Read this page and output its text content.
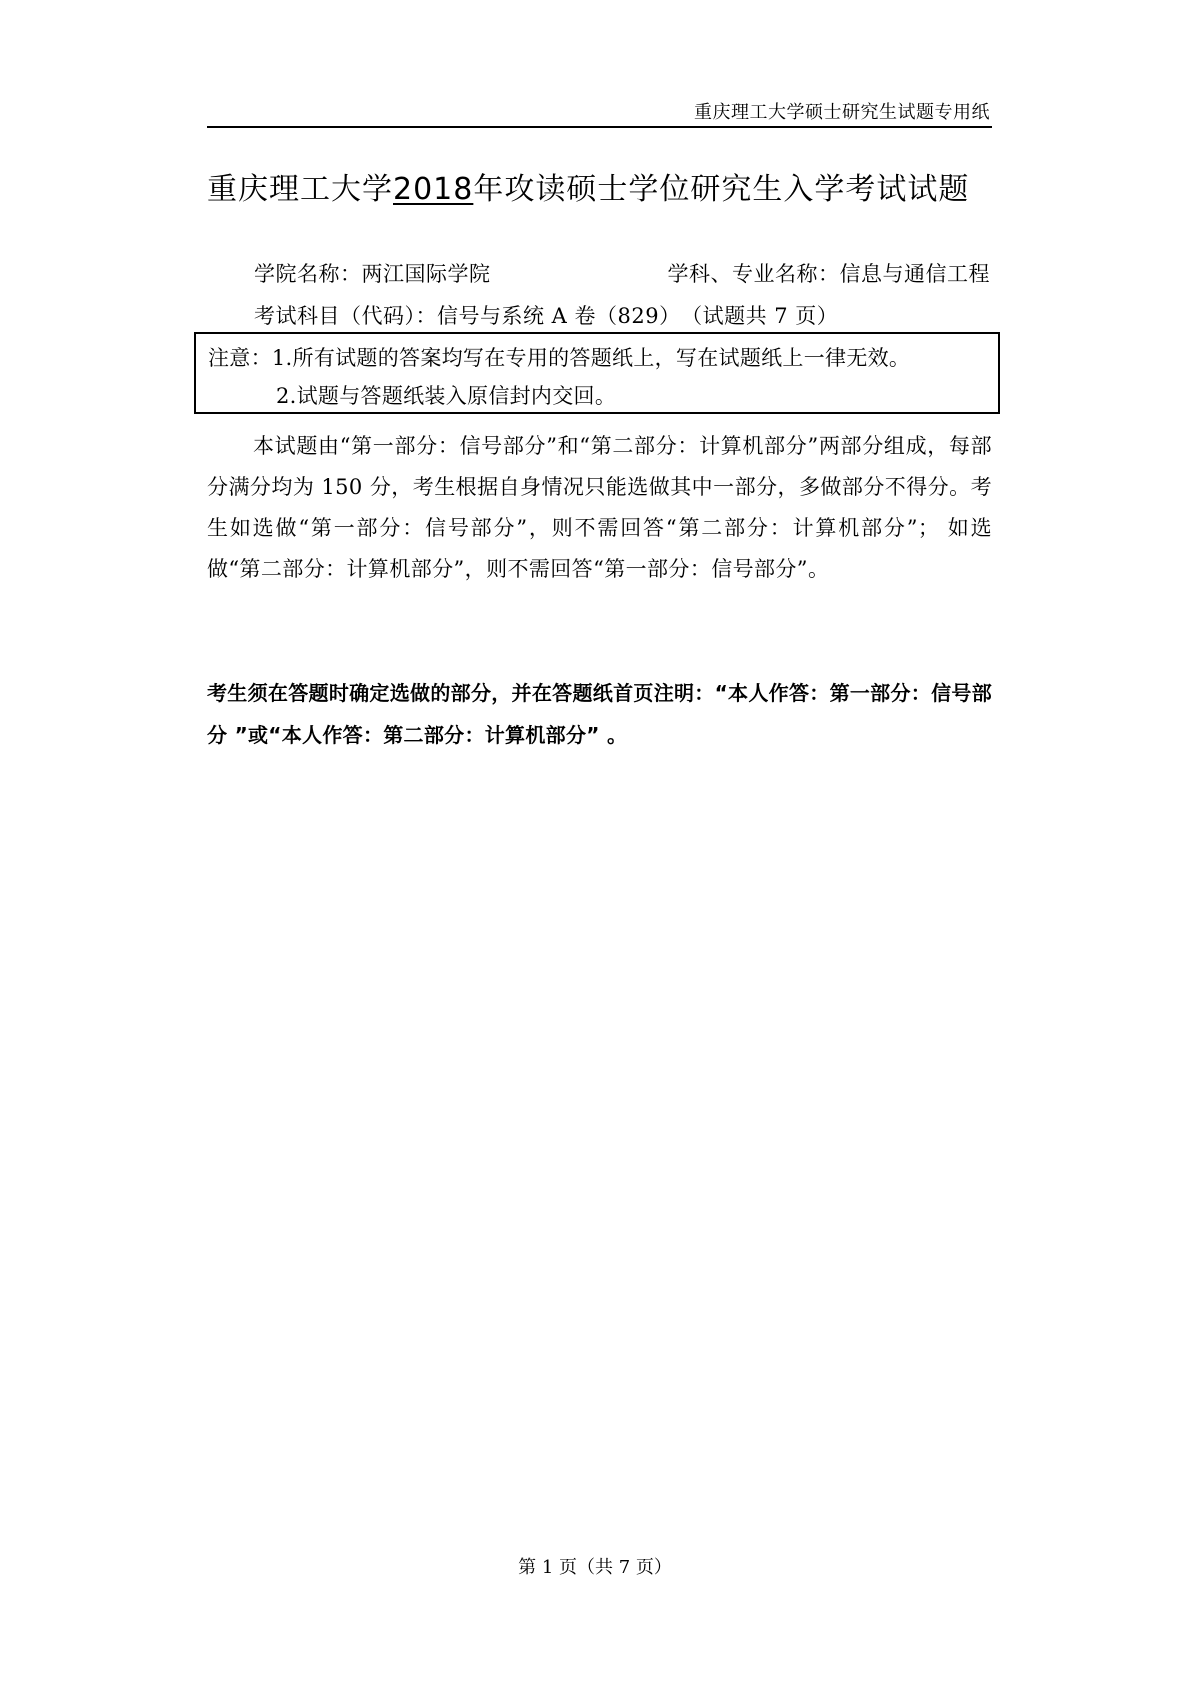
重庆理工大学硕士研究生试题专用纸
重庆理工大学2018年攻读硕士学位研究生入学考试试题
学院名称：两江国际学院	学科、专业名称：信息与通信工程
考试科目（代码）：信号与系统 A 卷（829）　（试题共 7 页）
注意：1.所有试题的答案均写在专用的答题纸上，写在试题纸上一律无效。
2.试题与答题纸装入原信封内交回。
本试题由“第一部分：信号部分”和“第二部分：计算机部分”两部分组成，每部分满分均为 150 分，考生根据自身情况只能选做其中一部分，多做部分不得分。考生如选做“第一部分：信号部分”，则不需回答“第二部分：计算机部分”； 如选做“第二部分：计算机部分”，则不需回答“第一部分：信号部分”。
考生须在答题时确定选做的部分，并在答题纸首页注明：“本人作答：第一部分：信号部分 ”或“本人作答：第二部分：计算机部分” 。
第 1 页（共 7 页）
